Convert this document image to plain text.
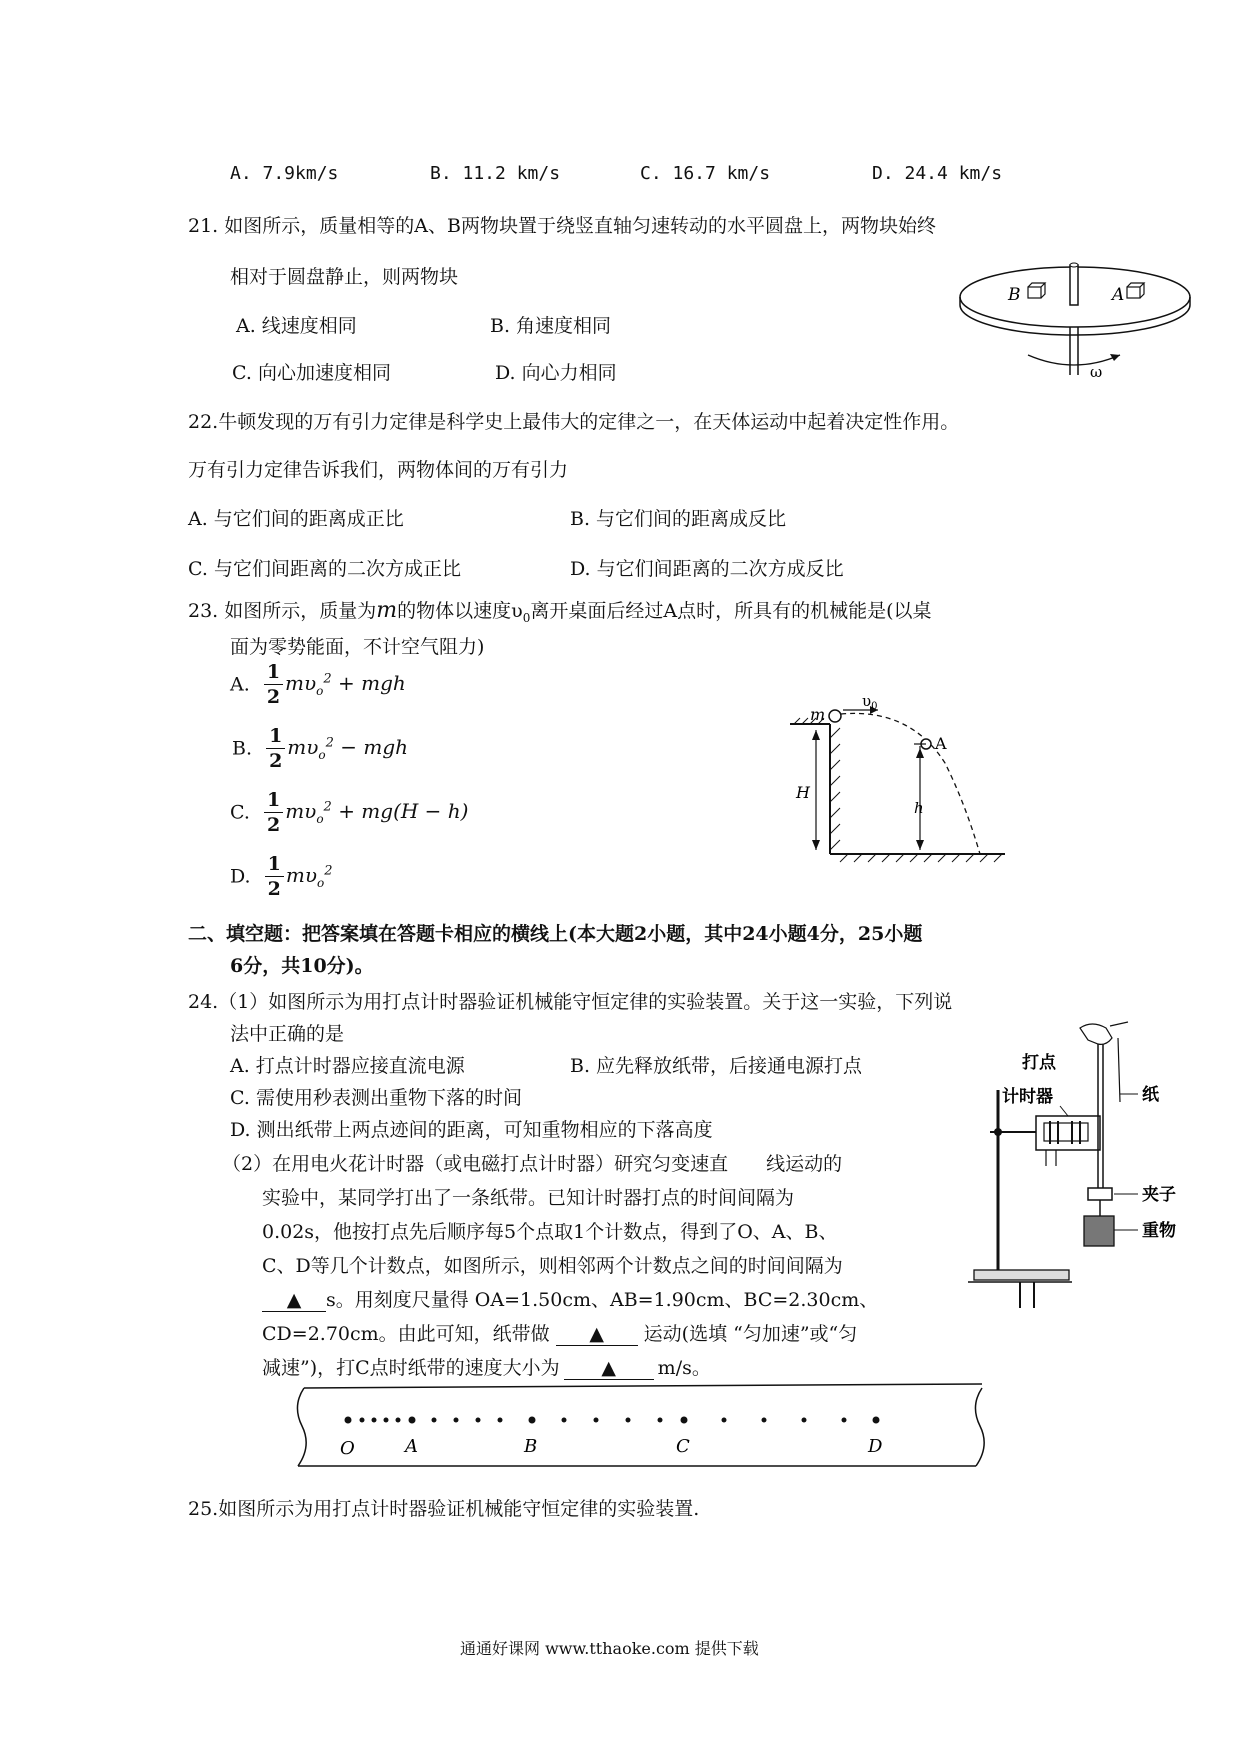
A. 7.9km/s	B. 11.2 km/s	C. 16.7 km/s	D. 24.4 km/s
21. 如图所示，质量相等的A、B两物块置于绕竖直轴匀速转动的水平圆盘上，两物块始终
相对于圆盘静止，则两物块
A. 线速度相同	B. 角速度相同
C. 向心加速度相同	D. 向心力相同
B	A
ω
22.牛顿发现的万有引力定律是科学史上最伟大的定律之一，在天体运动中起着决定性作用。
万有引力定律告诉我们，两物体间的万有引力
A. 与它们间的距离成正比	B. 与它们间的距离成反比
C. 与它们间距离的二次方成正比	D. 与它们间距离的二次方成反比
23. 如图所示，质量为m的物体以速度$\upsilon_0$离开桌面后经过A点时，所具有的机械能是(以桌
面为零势能面，不计空气阻力)
A. $\frac{1}{2} m\upsilon_o^2$ + mgh
B. $\frac{1}{2} m\upsilon_o^2$ − mgh
C. $\frac{1}{2} m\upsilon_o^2 + mg(H - h)$
D. $\frac{1}{2} m\upsilon_o^2$
m
$\upsilon_0$
A
H
h
二、填空题：把答案填在答题卡相应的横线上(本大题2小题，其中24小题4分，25小题
6分，共10分)。
24.（1）如图所示为用打点计时器验证机械能守恒定律的实验装置。关于这一实验，下列说
法中正确的是
A. 打点计时器应接直流电源	B. 应先释放纸带，后接通电源打点
C. 需使用秒表测出重物下落的时间
D. 测出纸带上两点迹间的距离，可知重物相应的下落高度
（2）在用电火花计时器（或电磁打点计时器）研究匀变速直　　线运动的
实验中，某同学打出了一条纸带。已知计时器打点的时间间隔为
0.02s，他按打点先后顺序每5个点取1个计数点，得到了O、A、B、
C、D等几个计数点，如图所示，则相邻两个计数点之间的时间间隔为
▲ s。用刻度尺量得 OA=1.50cm、AB=1.90cm、BC=2.30cm、
CD=2.70cm。由此可知，纸带做 ▲ 运动(选填 “匀加速”或“匀
减速”)，打C点时纸带的速度大小为 ▲ m/s。
打点
计时器	纸
夹子
重物
O	A	B	C	D
25.如图所示为用打点计时器验证机械能守恒定律的实验装置.
通通好课网 www.tthaoke.com 提供下载
